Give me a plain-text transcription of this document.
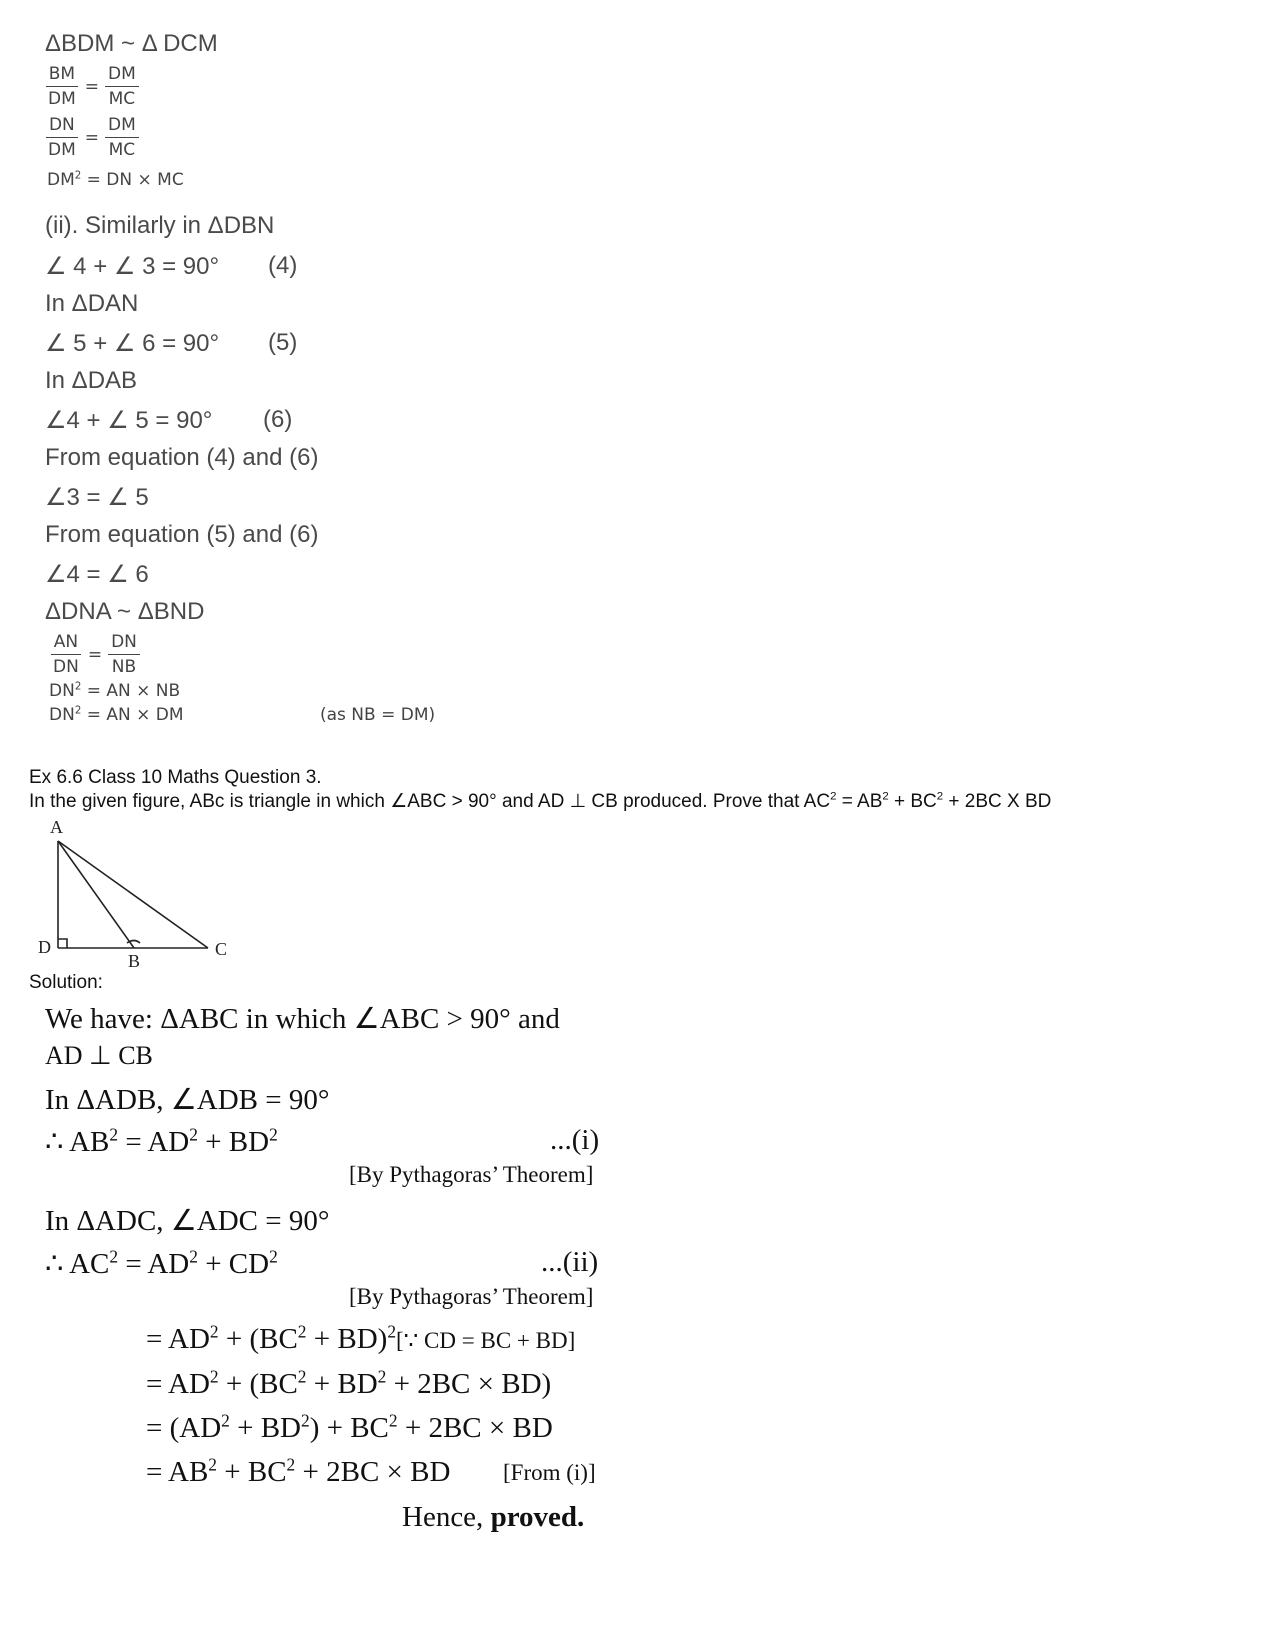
ΔBDM ~ Δ DCM
$\frac{BM}{DM} = \frac{DM}{MC}$
$\frac{DN}{DM} = \frac{DM}{MC}$
$DM^2$ = DN × MC
(ii). Similarly in ΔDBN
∠ 4 + ∠ 3 = 90° (4)
In ΔDAN
∠ 5 + ∠ 6 = 90° (5)
In ΔDAB
∠4 + ∠ 5 = 90° (6)
From equation (4) and (6)
∠3 = ∠ 5
From equation (5) and (6)
∠4 = ∠ 6
ΔDNA ~ ΔBND
$\frac{AN}{DN} = \frac{DN}{NB}$
$DN^2$ = AN × NB
$DN^2$ = AN × DM	(as NB = DM)
Ex 6.6 Class 10 Maths Question 3.
In the given figure, ABc is triangle in which ∠ABC > 90° and AD ⊥ CB produced. Prove that $AC^2 = AB^2 + BC^2 + 2BC$ X BD
A
D
B
C
Solution:
We have: ΔABC in which ∠ABC > 90° and
AD ⊥ CB
In ΔADB, ∠ADB = 90°
∴ $AB^2 = AD^2 + BD^2$	...(i)
[By Pythagoras’ Theorem]
In ΔADC, ∠ADC = 90°
∴ $AC^2 = AD^2 + CD^2$	...(ii)
[By Pythagoras’ Theorem]
= $AD^2 + (BC^2$ + BD)$^2$[∵ CD = BC + BD]
= $AD^2 + (BC^2 + BD^2 + 2BC \times BD)$
= $(AD^2 + BD^2) + BC^2 + 2BC$ × BD
= $AB^2 + BC^2 + 2BC$ × BD [From (i)]
Hence, proved.
